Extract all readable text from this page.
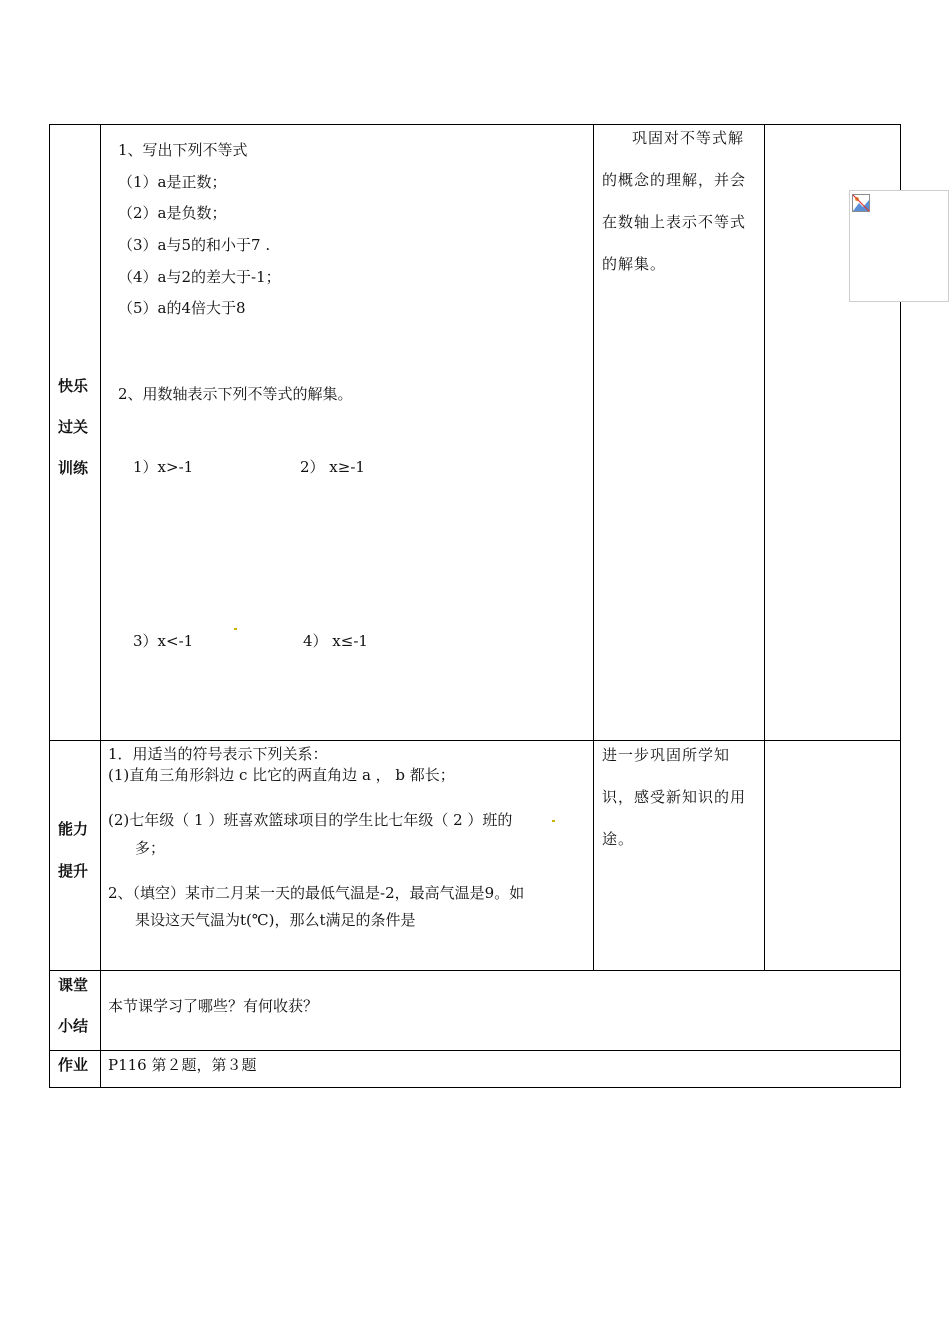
快乐
过关
训练
1、写出下列不等式
（1）a是正数；
（2）a是负数；
（3）a与5的和小于7 .
（4）a与2的差大于-1；
（5）a的4倍大于8
2、用数轴表示下列不等式的解集。
1）x>-1	2） x≥-1
3）x<-1	4） x≤-1
巩固对不等式解
的概念的理解，并会
在数轴上表示不等式
的解集。
能力
提升
1．用适当的符号表示下列关系：
(1)直角三角形斜边 c 比它的两直角边 a ， b 都长；
(2)七年级（ 1 ）班喜欢篮球项目的学生比七年级（ 2 ）班的
多；
2、（填空）某市二月某一天的最低气温是-2，最高气温是9。如
果设这天气温为t(℃)，那么t满足的条件是
进一步巩固所学知
识，感受新知识的用
途。
课堂
小结
本节课学习了哪些？有何收获？
作业 P116 第２题，第３题
